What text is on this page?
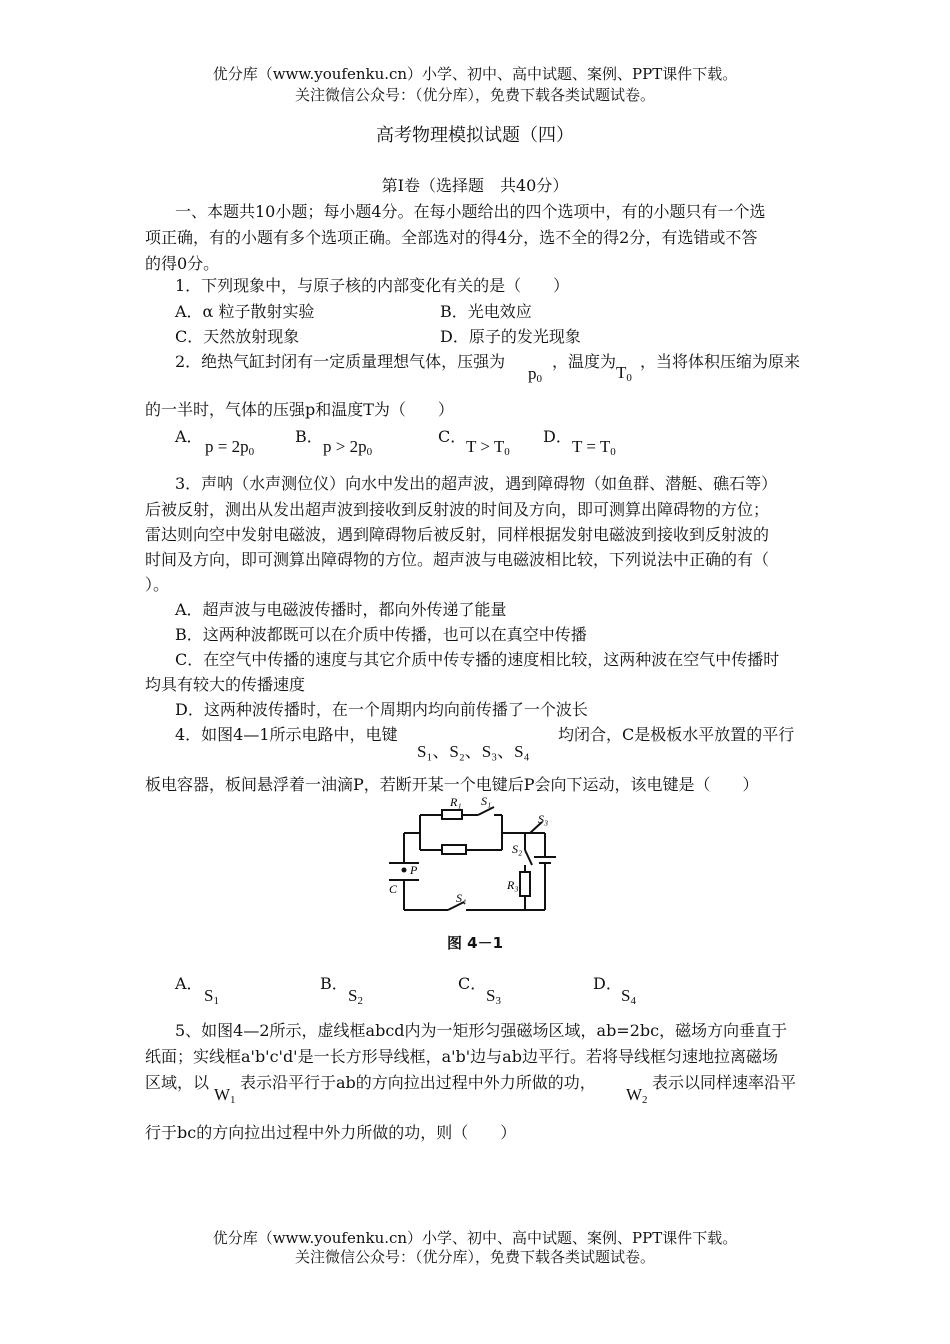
优分库（www.youfenku.cn）小学、初中、高中试题、案例、PPT课件下载。
关注微信公众号：（优分库），免费下载各类试题试卷。
高考物理模拟试题（四）
第Ⅰ卷（选择题　共40分）
一、本题共10小题；每小题4分。在每小题给出的四个选项中，有的小题只有一个选
项正确，有的小题有多个选项正确。全部选对的得4分，选不全的得2分，有选错或不答
的得0分。
1．下列现象中，与原子核的内部变化有关的是（　　）
A．α 粒子散射实验	B．光电效应
C．天然放射现象	D．原子的发光现象
2．绝热气缸封闭有一定质量理想气体，压强为
$p_0$
，温度为
$T_0$
，当将体积压缩为原来
的一半时，气体的压强p和温度T为（　　）
A．
$p = 2p_0$
B．
$p > 2p_0$
C．
$T > T_0$
D．
$T = T_0$
3．声呐（水声测位仪）向水中发出的超声波，遇到障碍物（如鱼群、潜艇、礁石等）
后被反射，测出从发出超声波到接收到反射波的时间及方向，即可测算出障碍物的方位；
雷达则向空中发射电磁波，遇到障碍物后被反射，同样根据发射电磁波到接收到反射波的
时间及方向，即可测算出障碍物的方位。超声波与电磁波相比较，下列说法中正确的有（
）。
A．超声波与电磁波传播时，都向外传递了能量
B．这两种波都既可以在介质中传播，也可以在真空中传播
C．在空气中传播的速度与其它介质中传专播的速度相比较，这两种波在空气中传播时
均具有较大的传播速度
D．这两种波传播时，在一个周期内均向前传播了一个波长
4．如图4—1所示电路中，电键
S₁、S₂、S₃、S₄
均闭合，C是极板水平放置的平行
板电容器，板间悬浮着一油滴P，若断开某一个电键后P会向下运动，该电键是（　　）
R₁ S₁
S₃
S₂
R₃
P
C
S₄
图 4－1
A．
$S_1$
B．
$S_2$
C．
$S_3$
D．
$S_4$
5、如图4—2所示，虚线框abcd内为一矩形匀强磁场区域，ab=2bc，磁场方向垂直于
纸面；实线框a'b'c'd'是一长方形导线框，a'b'边与ab边平行。若将导线框匀速地拉离磁场
区域，以
$W_1$
表示沿平行于ab的方向拉出过程中外力所做的功，
$W_2$
表示以同样速率沿平
行于bc的方向拉出过程中外力所做的功，则（　　）
优分库（www.youfenku.cn）小学、初中、高中试题、案例、PPT课件下载。
关注微信公众号：（优分库），免费下载各类试题试卷。
